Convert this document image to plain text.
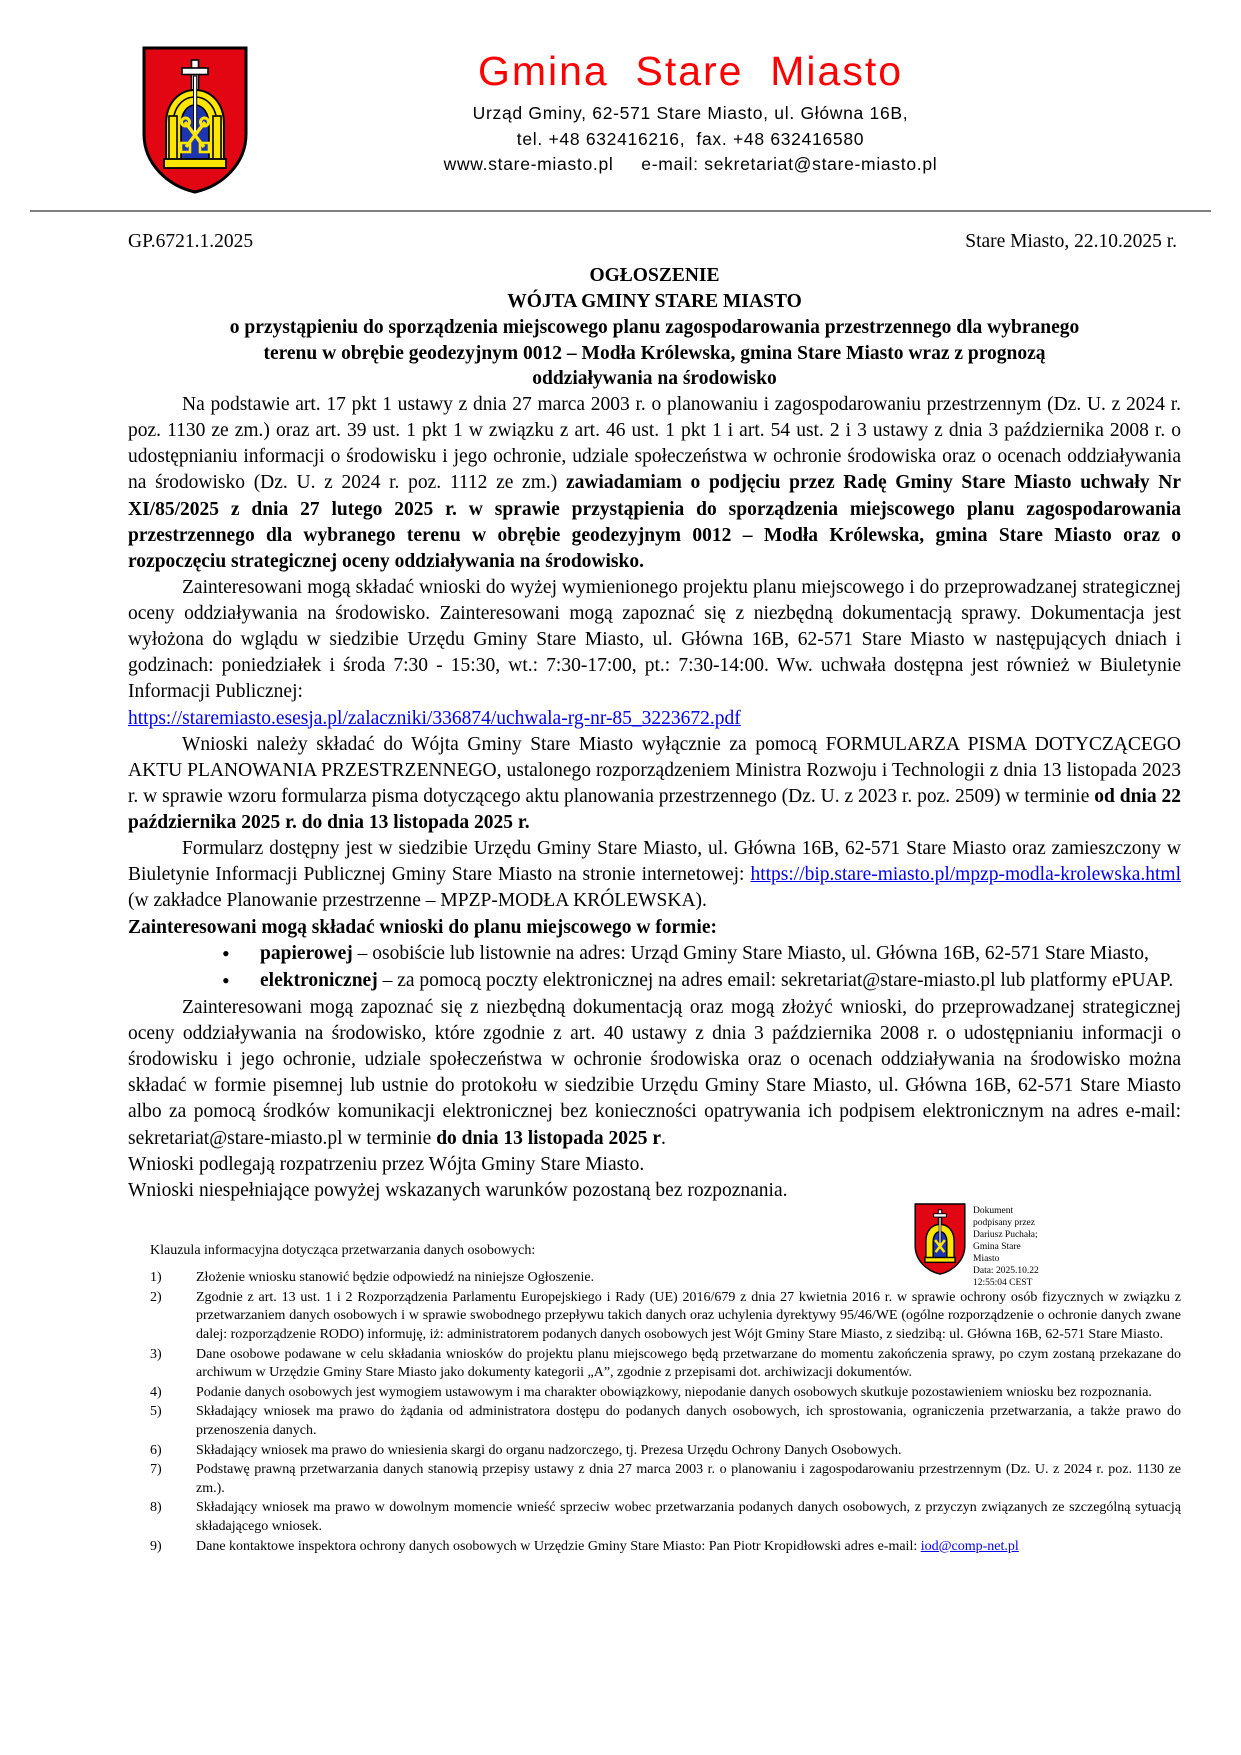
Gmina  Stare  Miasto
Urząd Gminy, 62-571 Stare Miasto, ul. Główna 16B,
tel. +48 632416216,  fax. +48 632416580
www.stare-miasto.pl     e-mail: sekretariat@stare-miasto.pl
GP.6721.1.2025	Stare Miasto, 22.10.2025 r.

OGŁOSZENIE

WÓJTA GMINY STARE MIASTO

o przystąpieniu do sporządzenia miejscowego planu zagospodarowania przestrzennego dla wybranego

terenu w obrębie geodezyjnym 0012 – Modła Królewska, gmina Stare Miasto wraz z prognozą

oddziaływania na środowisko

Na podstawie art. 17 pkt 1 ustawy z dnia 27 marca 2003 r. o planowaniu i zagospodarowaniu przestrzennym (Dz. U. z 2024 r. poz. 1130 ze zm.) oraz art. 39 ust. 1 pkt 1 w związku z art. 46 ust. 1 pkt 1 i art. 54 ust. 2 i 3 ustawy z dnia 3 października 2008 r. o udostępnianiu informacji o środowisku i jego ochronie, udziale społeczeństwa w ochronie środowiska oraz o ocenach oddziaływania na środowisko (Dz. U. z 2024 r. poz. 1112 ze zm.) zawiadamiam o podjęciu przez Radę Gminy Stare Miasto uchwały Nr XI/85/2025 z dnia 27 lutego 2025 r. w sprawie przystąpienia do sporządzenia miejscowego planu zagospodarowania przestrzennego dla wybranego terenu w obrębie geodezyjnym 0012 – Modła Królewska, gmina Stare Miasto oraz o rozpoczęciu strategicznej oceny oddziaływania na środowisko.

Zainteresowani mogą składać wnioski do wyżej wymienionego projektu planu miejscowego i do przeprowadzanej strategicznej oceny oddziaływania na środowisko. Zainteresowani mogą zapoznać się z niezbędną dokumentacją sprawy. Dokumentacja jest wyłożona do wglądu w siedzibie Urzędu Gminy Stare Miasto, ul. Główna 16B, 62-571 Stare Miasto w następujących dniach i godzinach: poniedziałek i środa 7:30 - 15:30, wt.: 7:30-17:00, pt.: 7:30-14:00. Ww. uchwała dostępna jest również w Biuletynie Informacji Publicznej:

https://staremiasto.esesja.pl/zalaczniki/336874/uchwala-rg-nr-85_3223672.pdf

Wnioski należy składać do Wójta Gminy Stare Miasto wyłącznie za pomocą FORMULARZA PISMA DOTYCZĄCEGO AKTU PLANOWANIA PRZESTRZENNEGO, ustalonego rozporządzeniem Ministra Rozwoju i Technologii z dnia 13 listopada 2023 r. w sprawie wzoru formularza pisma dotyczącego aktu planowania przestrzennego (Dz. U. z 2023 r. poz. 2509) w terminie od dnia 22 października 2025 r. do dnia 13 listopada 2025 r.

Formularz dostępny jest w siedzibie Urzędu Gminy Stare Miasto, ul. Główna 16B, 62-571 Stare Miasto oraz zamieszczony w Biuletynie Informacji Publicznej Gminy Stare Miasto na stronie internetowej: https://bip.stare-miasto.pl/mpzp-modla-krolewska.html (w zakładce Planowanie przestrzenne – MPZP-MODŁA KRÓLEWSKA).

Zainteresowani mogą składać wnioski do planu miejscowego w formie:

• papierowej – osobiście lub listownie na adres: Urząd Gminy Stare Miasto, ul. Główna 16B, 62-571 Stare Miasto,
• elektronicznej – za pomocą poczty elektronicznej na adres email: sekretariat@stare-miasto.pl lub platformy ePUAP.

Zainteresowani mogą zapoznać się z niezbędną dokumentacją oraz mogą złożyć wnioski, do przeprowadzanej strategicznej oceny oddziaływania na środowisko, które zgodnie z art. 40 ustawy z dnia 3 października 2008 r. o udostępnianiu informacji o środowisku i jego ochronie, udziale społeczeństwa w ochronie środowiska oraz o ocenach oddziaływania na środowisko można składać w formie pisemnej lub ustnie do protokołu w siedzibie Urzędu Gminy Stare Miasto, ul. Główna 16B, 62-571 Stare Miasto albo za pomocą środków komunikacji elektronicznej bez konieczności opatrywania ich podpisem elektronicznym na adres e-mail: sekretariat@stare-miasto.pl w terminie do dnia 13 listopada 2025 r.

Wnioski podlegają rozpatrzeniu przez Wójta Gminy Stare Miasto.

Wnioski niespełniające powyżej wskazanych warunków pozostaną bez rozpoznania.

Dokument
podpisany przez
Dariusz Puchała;
Gmina Stare
Miasto
Data: 2025.10.22
12:55:04 CEST

Klauzula informacyjna dotycząca przetwarzania danych osobowych:

Złożenie wniosku stanowić będzie odpowiedź na niniejsze Ogłoszenie.
Zgodnie z art. 13 ust. 1 i 2 Rozporządzenia Parlamentu Europejskiego i Rady (UE) 2016/679 z dnia 27 kwietnia 2016 r. w sprawie ochrony osób fizycznych w związku z przetwarzaniem danych osobowych i w sprawie swobodnego przepływu takich danych oraz uchylenia dyrektywy 95/46/WE (ogólne rozporządzenie o ochronie danych zwane dalej: rozporządzenie RODO) informuję, iż: administratorem podanych danych osobowych jest Wójt Gminy Stare Miasto, z siedzibą: ul. Główna 16B, 62-571 Stare Miasto.
Dane osobowe podawane w celu składania wniosków do projektu planu miejscowego będą przetwarzane do momentu zakończenia sprawy, po czym zostaną przekazane do archiwum w Urzędzie Gminy Stare Miasto jako dokumenty kategorii „A”, zgodnie z przepisami dot. archiwizacji dokumentów.
Podanie danych osobowych jest wymogiem ustawowym i ma charakter obowiązkowy, niepodanie danych osobowych skutkuje pozostawieniem wniosku bez rozpoznania.
Składający wniosek ma prawo do żądania od administratora dostępu do podanych danych osobowych, ich sprostowania, ograniczenia przetwarzania, a także prawo do przenoszenia danych.
Składający wniosek ma prawo do wniesienia skargi do organu nadzorczego, tj. Prezesa Urzędu Ochrony Danych Osobowych.
Podstawę prawną przetwarzania danych stanowią przepisy ustawy z dnia 27 marca 2003 r. o planowaniu i zagospodarowaniu przestrzennym (Dz. U. z 2024 r. poz. 1130 ze zm.).
Składający wniosek ma prawo w dowolnym momencie wnieść sprzeciw wobec przetwarzania podanych danych osobowych, z przyczyn związanych ze szczególną sytuacją składającego wniosek.
Dane kontaktowe inspektora ochrony danych osobowych w Urzędzie Gminy Stare Miasto: Pan Piotr Kropidłowski adres e-mail: iod@comp-net.pl
